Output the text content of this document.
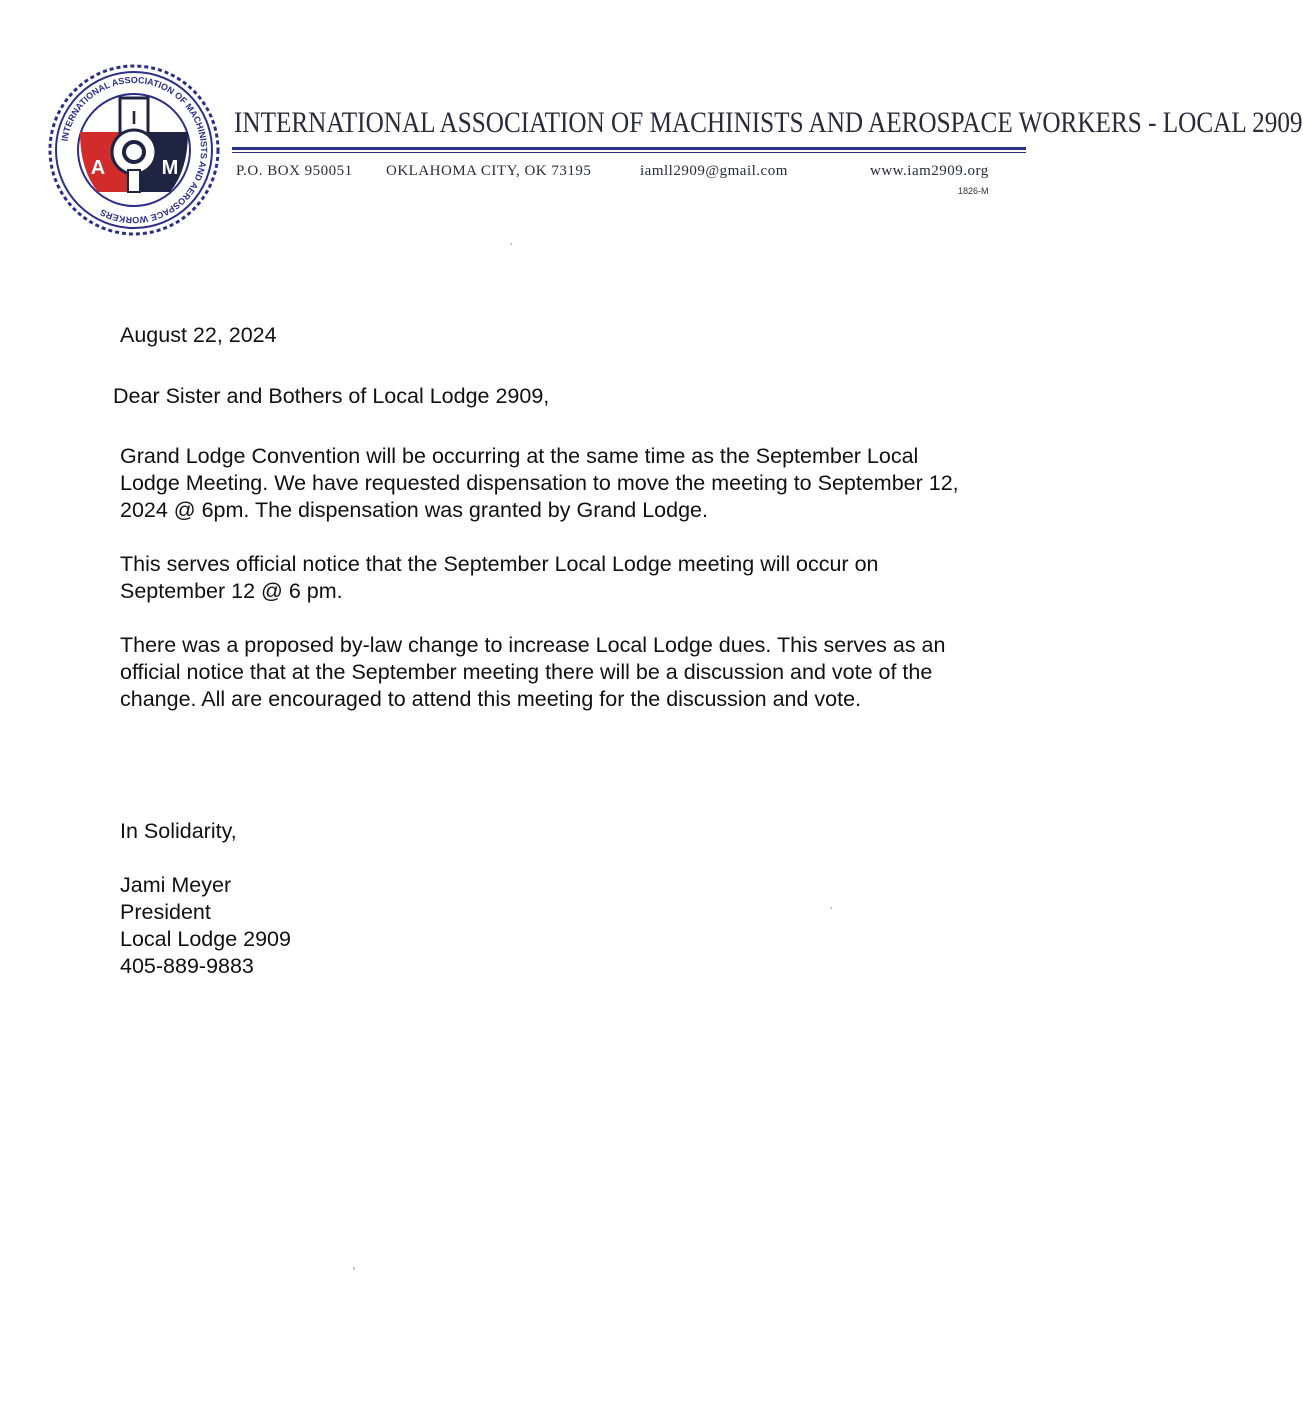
INTERNATIONAL ASSOCIATION OF MACHINISTS AND AEROSPACE WORKERS
I
A	M
INTERNATIONAL ASSOCIATION OF MACHINISTS AND AEROSPACE WORKERS - LOCAL 2909
P.O. BOX 950051 OKLAHOMA CITY, OK 73195	iamll2909@gmail.com	www.iam2909.org
1826-M
August 22, 2024
Dear Sister and Bothers of Local Lodge 2909,
Grand Lodge Convention will be occurring at the same time as the September Local Lodge Meeting. We have requested dispensation to move the meeting to September 12, 2024 @ 6pm. The dispensation was granted by Grand Lodge.
This serves official notice that the September Local Lodge meeting will occur on September 12 @ 6 pm.
There was a proposed by-law change to increase Local Lodge dues. This serves as an official notice that at the September meeting there will be a discussion and vote of the change. All are encouraged to attend this meeting for the discussion and vote.
In Solidarity,
Jami Meyer
President
Local Lodge 2909
405-889-9883
